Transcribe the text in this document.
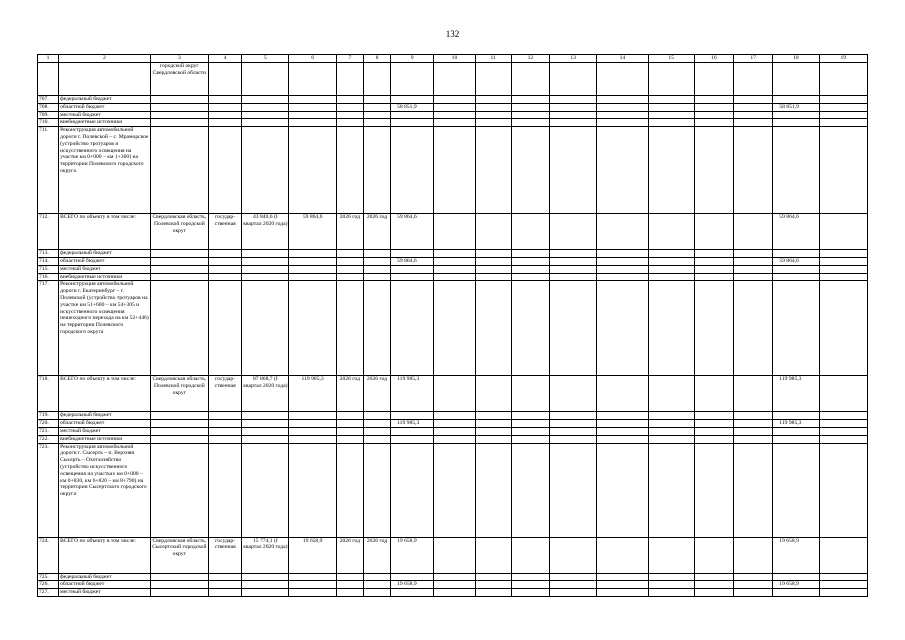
132
1	2	3	4	5	6	7	8	9	10	11	12	13	14	15	16	17	18	19
		городской округ Свердловской области																
707.	федеральный бюджет																	
708.	областной бюджет							58 851,9									58 851,9	
709.	местный бюджет																	
710.	внебюджетные источники																	
711.	Реконструкция автомобильной дороги г. Полевской – с. Мраморское (устройство тротуаров и искусственного освещения на участке км 0+000 – км 1+300) на территории Полевского городского округа																	
712.	ВСЕГО по объекту в том числе:	Свердловская область, Полевской городской округ	государ-ственная	43 840,6 (I квартал 2020 года)	59 864,6	2026 год	2026 год	59 864,6									59 864,6	
713.	федеральный бюджет																	
714.	областной бюджет							59 864,6									59 864,6	
715.	местный бюджет																	
716.	внебюджетные источники																	
717.	Реконструкция автомобильной дороги г. Екатеринбург – г. Полевской (устройство тротуаров на участке км 51+600 – км 54+305 и искусственного освещения пешеходного перехода на км 52+446) на территории Полевского городского округа																	
718.	ВСЕГО по объекту в том числе:	Свердловская область, Полевской городской округ	государ-ственная	87 868,7 (I квартал 2020 года)	119 985,3	2026 год	2026 год	119 985,3									119 985,3	
719.	федеральный бюджет																	
720.	областной бюджет							119 985,3									119 985,3	
721.	местный бюджет																	
722.	внебюджетные источники																	
723.	Реконструкция автомобильной дороги г. Сысерть – п. Верхняя Сысерть – Охотхозяйство (устройство искусственного освещения на участках км 0+000 – км 0+830, км 6+820 – км 8+790) на территории Сысертского городского округа																	
724.	ВСЕГО по объекту в том числе:	Свердловская область, Сысертский городской округ	государ-ственная	15 774,1 (I квартал 2020 года)	19 658,9	2026 год	2026 год	19 658,9									19 658,9	
725.	федеральный бюджет																	
726.	областной бюджет							19 658,9									19 658,9	
727.	местный бюджет																	
